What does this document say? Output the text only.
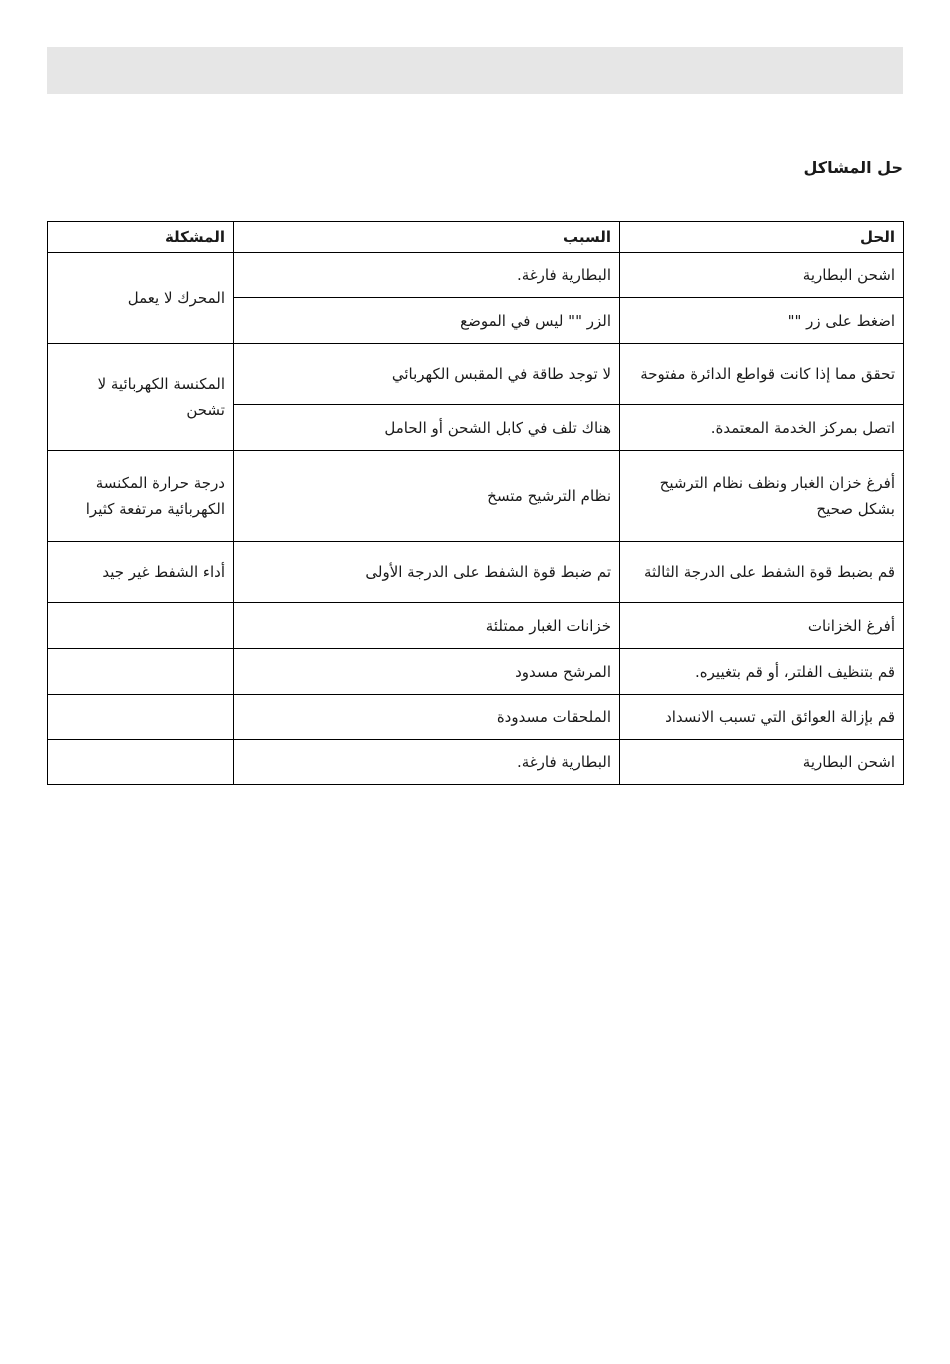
حل المشاكل
الحل	السبب	المشكلة
اشحن البطارية	البطارية فارغة.	المحرك لا يعمل
اضغط على زر ""	الزر "" ليس في الموضع	
تحقق مما إذا كانت قواطع الدائرة مفتوحة	لا توجد طاقة في المقبس الكهربائي	المكنسة الكهربائية لا تشحن
اتصل بمركز الخدمة المعتمدة.	هناك تلف في كابل الشحن أو الحامل	
أفرغ خزان الغبار ونظف نظام الترشيح بشكل صحيح	نظام الترشيح متسخ	درجة حرارة المكنسة الكهربائية مرتفعة كثيرا
قم بضبط قوة الشفط على الدرجة الثالثة	تم ضبط قوة الشفط على الدرجة الأولى	أداء الشفط غير جيد
أفرغ الخزانات	خزانات الغبار ممتلئة	
قم بتنظيف الفلتر، أو قم بتغييره.	المرشح مسدود	
قم بإزالة العوائق التي تسبب الانسداد	الملحقات مسدودة	
اشحن البطارية	البطارية فارغة.	
